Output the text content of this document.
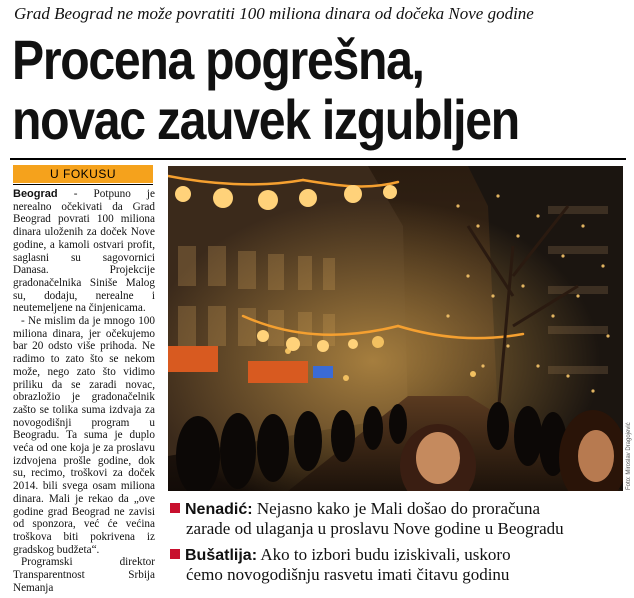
Grad Beograd ne može povratiti 100 miliona dinara od dočeka Nove godine
Procena pogrešna,
novac zauvek izgubljen
U FOKUSU

Beograd - Potpuno je nerealno očekivati da Grad Beograd povrati 100 miliona dinara uloženih za doček Nove godine, a kamoli ostvari profit, saglasni su sagovornici Danasa. Projekcije gradonačelnika Siniše Malog su, dodaju, nerealne i neutemeljene na činjenicama.

- Ne mislim da je mnogo 100 miliona dinara, jer očekujemo bar 20 odsto više prihoda. Ne radimo to zato što se nekom može, nego zato što vidimo priliku da se zaradi novac, obrazložio je gradonačelnik zašto se tolika suma izdvaja za novogodišnji program u Beogradu. Ta suma je duplo veća od one koja je za proslavu izdvojena prošle godine, dok su, recimo, troškovi za doček 2014. bili svega osam miliona dinara. Mali je rekao da „ove godine grad Beograd ne zavisi od sponzora, već će većina troškova biti pokrivena iz gradskog budžeta“.

Programski direktor Transparentnost Srbija Nemanja

Foto: Miroslav Dragojević
Nenadić: Nejasno kako je Mali došao do proračuna
zarade od ulaganja u proslavu Nove godine u Beogradu
Bušatlija: Ako to izbori budu iziskivali, uskoro
ćemo novogodišnju rasvetu imati čitavu godinu
